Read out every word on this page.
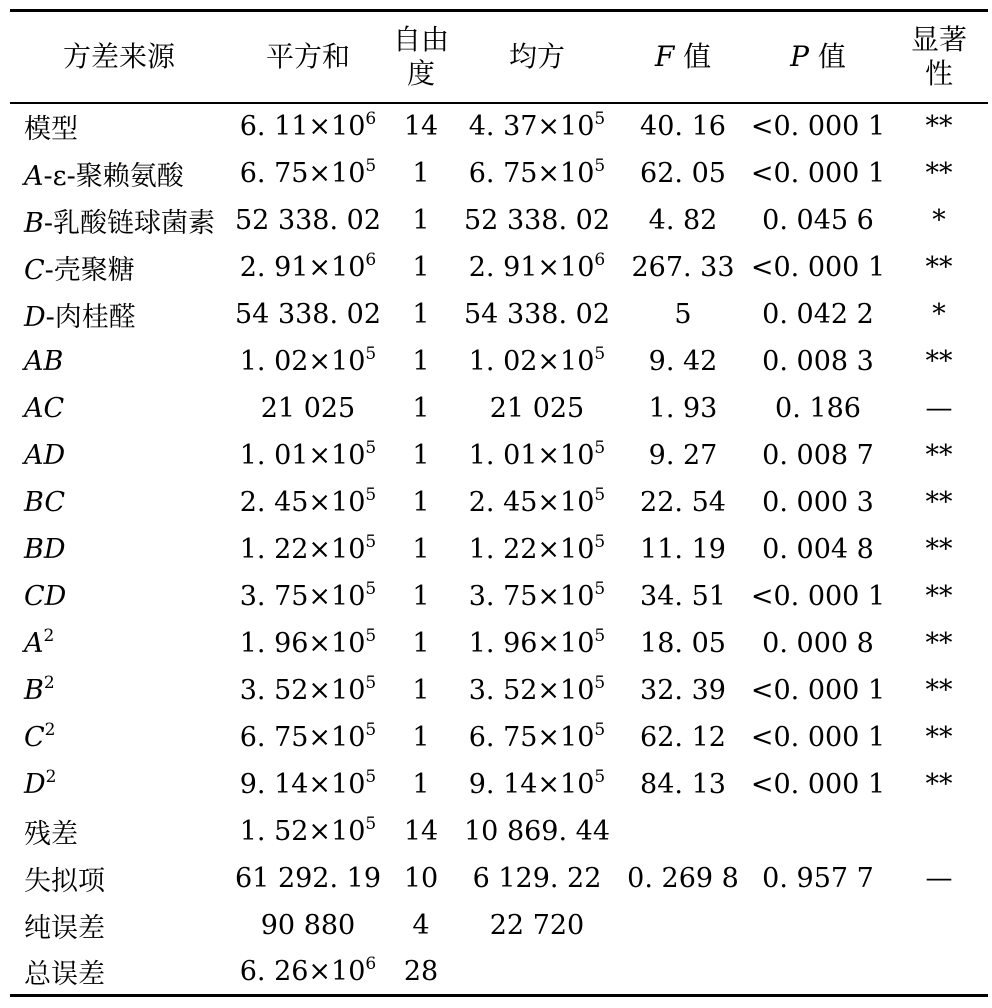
方差来源	平方和	自由度	均方	F 值	P 值	显著性

模型	6. $11\times 10^6$	14	4. $37\times 10^5$	40. 16	<0. 000 1	**
A-ε-聚赖氨酸	6. $75\times 10^5$	1	6. $75\times 10^5$	62. 05	<0. 000 1	**
B-乳酸链球菌素	52 338. 02	1	52 338. 02	4. 82	0. 045 6	*
C-壳聚糖	2. $91\times 10^6$	1	2. $91\times 10^6$	267. 33	<0. 000 1	**
D-肉桂醛	54 338. 02	1	54 338. 02	5	0. 042 2	*
AB	1. $02\times 10^5$	1	1. $02\times 10^5$	9. 42	0. 008 3	**
AC	21 025	1	21 025	1. 93	0. 186	—
AD	1. $01\times 10^5$	1	1. $01\times 10^5$	9. 27	0. 008 7	**
BC	2. $45\times 10^5$	1	2. $45\times 10^5$	22. 54	0. 000 3	**
BD	1. $22\times 10^5$	1	1. $22\times 10^5$	11. 19	0. 004 8	**
CD	3. $75\times 10^5$	1	3. $75\times 10^5$	34. 51	<0. 000 1	**
$A^2$	1. $96\times 10^5$	1	1. $96\times 10^5$	18. 05	0. 000 8	**
$B^2$	3. $52\times 10^5$	1	3. $52\times 10^5$	32. 39	<0. 000 1	**
$C^2$	6. $75\times 10^5$	1	6. $75\times 10^5$	62. 12	<0. 000 1	**
$D^2$	9. $14\times 10^5$	1	9. $14\times 10^5$	84. 13	<0. 000 1	**
残差	1. $52\times 10^5$	14	10 869. 44			
失拟项	61 292. 19	10	6 129. 22	0. 269 8	0. 957 7	—
纯误差	90 880	4	22 720			
总误差	6. $26\times 10^6$	28				
